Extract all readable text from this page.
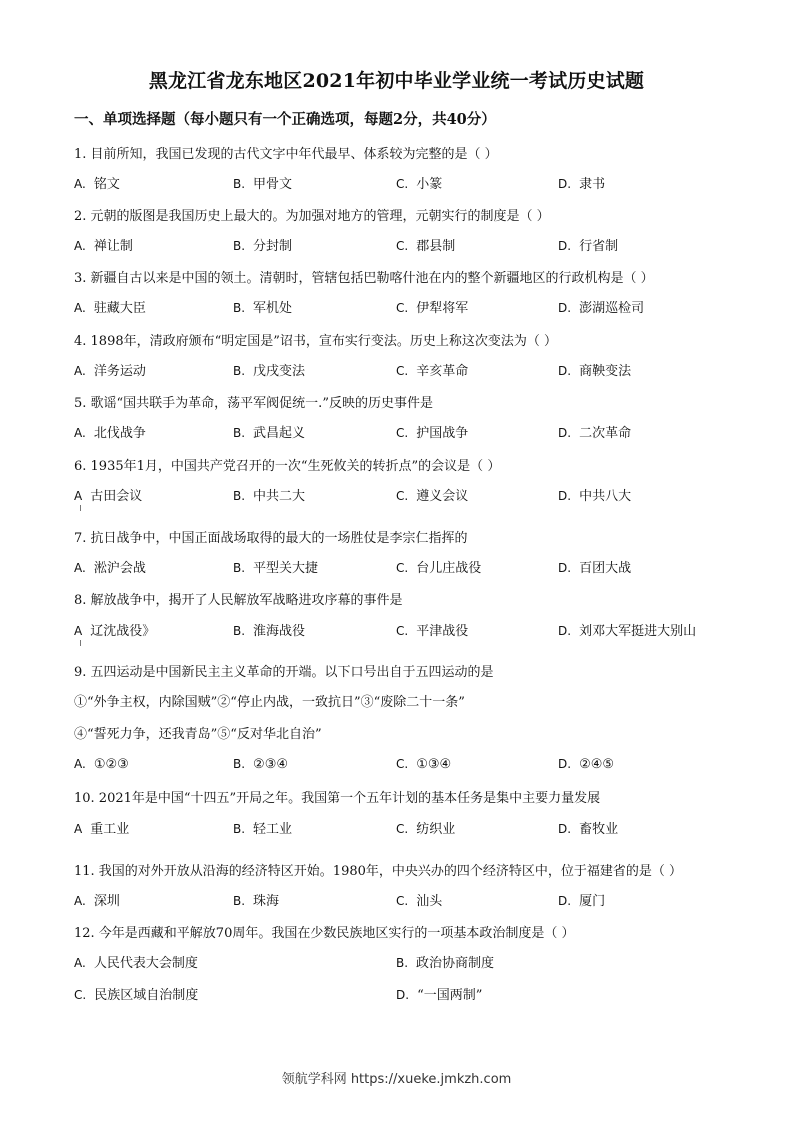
黑龙江省龙东地区2021年初中毕业学业统一考试历史试题
一、单项选择题（每小题只有一个正确选项，每题2分，共40分）
1. 目前所知，我国已发现的古代文字中年代最早、体系较为完整的是（ ）
A. 铭文	B. 甲骨文	C. 小篆	D. 隶书
2. 元朝的版图是我国历史上最大的。为加强对地方的管理，元朝实行的制度是（ ）
A. 禅让制	B. 分封制	C. 郡县制	D. 行省制
3. 新疆自古以来是中国的领土。清朝时，管辖包括巴勒喀什池在内的整个新疆地区的行政机构是（ ）
A. 驻藏大臣	B. 军机处	C. 伊犁将军	D. 澎湖巡检司
4. 1898年，清政府颁布“明定国是”诏书，宣布实行变法。历史上称这次变法为（ ）
A. 洋务运动	B. 戊戌变法	C. 辛亥革命	D. 商鞅变法
5. 歌谣“国共联手为革命，荡平军阀促统一.”反映的历史事件是
A. 北伐战争	B. 武昌起义	C. 护国战争	D. 二次革命
6. 1935年1月，中国共产党召开的一次“生死攸关的转折点”的会议是（ ）
A 古田会议	B. 中共二大	C. 遵义会议	D. 中共八大
7. 抗日战争中，中国正面战场取得的最大的一场胜仗是李宗仁指挥的
A. 淞沪会战	B. 平型关大捷	C. 台儿庄战役	D. 百团大战
8. 解放战争中，揭开了人民解放军战略进攻序幕的事件是
A 辽沈战役》	B. 淮海战役	C. 平津战役	D. 刘邓大军挺进大别山
9. 五四运动是中国新民主主义革命的开端。以下口号出自于五四运动的是
①“外争主权，内除国贼”②“停止内战，一致抗日”③“废除二十一条”
④“誓死力争，还我青岛”⑤“反对华北自治”
A. ①②③	B. ②③④	C. ①③④	D. ②④⑤
10. 2021年是中国“十四五”开局之年。我国第一个五年计划的基本任务是集中主要力量发展
A 重工业	B. 轻工业	C. 纺织业	D. 畜牧业
11. 我国的对外开放从沿海的经济特区开始。1980年，中央兴办的四个经济特区中，位于福建省的是（ ）
A. 深圳	B. 珠海	C. 汕头	D. 厦门
12. 今年是西藏和平解放70周年。我国在少数民族地区实行的一项基本政治制度是（ ）
A. 人民代表大会制度	B. 政治协商制度
C. 民族区域自治制度	D. “一国两制”
领航学科网 https://xueke.jmkzh.com
